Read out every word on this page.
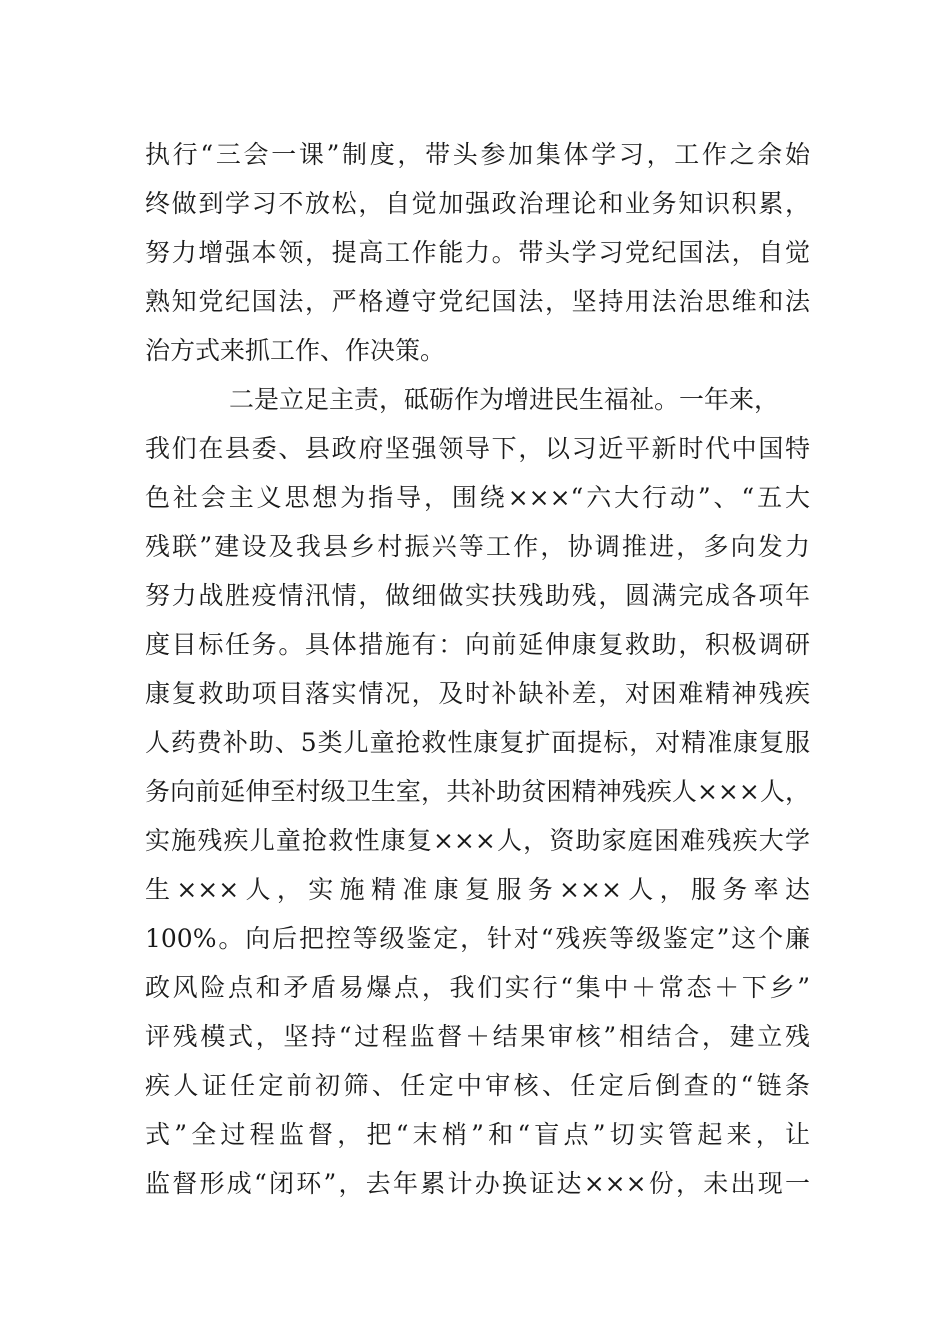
执行“三会一课”制度，带头参加集体学习，工作之余始
终做到学习不放松，自觉加强政治理论和业务知识积累，
努力增强本领，提高工作能力。带头学习党纪国法，自觉
熟知党纪国法，严格遵守党纪国法，坚持用法治思维和法
治方式来抓工作、作决策。
二是立足主责，砥砺作为增进民生福祉。一年来，
我们在县委、县政府坚强领导下，以习近平新时代中国特
色社会主义思想为指导，围绕×××“六大行动”、“五大
残联”建设及我县乡村振兴等工作，协调推进，多向发力
努力战胜疫情汛情，做细做实扶残助残，圆满完成各项年
度目标任务。具体措施有：向前延伸康复救助，积极调研
康复救助项目落实情况，及时补缺补差，对困难精神残疾
人药费补助、5类儿童抢救性康复扩面提标，对精准康复服
务向前延伸至村级卫生室，共补助贫困精神残疾人×××人，
实施残疾儿童抢救性康复×××人，资助家庭困难残疾大学
生×××人，实施精准康复服务×××人，服务率达
100%。向后把控等级鉴定，针对“残疾等级鉴定”这个廉
政风险点和矛盾易爆点，我们实行“集中＋常态＋下乡”
评残模式，坚持“过程监督＋结果审核”相结合，建立残
疾人证任定前初筛、任定中审核、任定后倒查的“链条
式”全过程监督，把“末梢”和“盲点”切实管起来，让
监督形成“闭环”，去年累计办换证达×××份，未出现一
